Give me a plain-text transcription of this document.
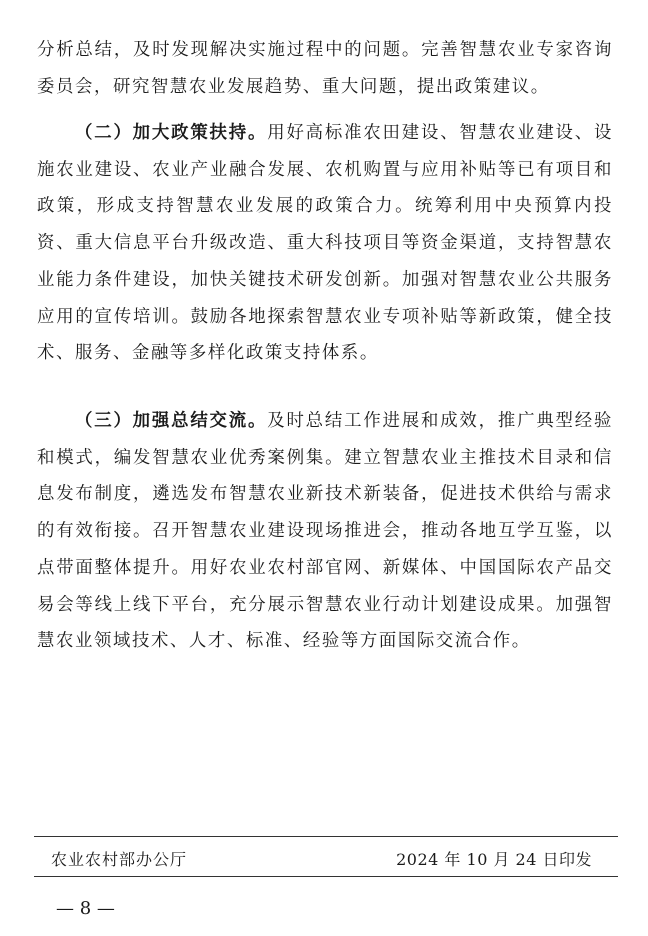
分析总结，及时发现解决实施过程中的问题。完善智慧农业专家咨询委员会，研究智慧农业发展趋势、重大问题，提出政策建议。

（二）加大政策扶持。用好高标准农田建设、智慧农业建设、设施农业建设、农业产业融合发展、农机购置与应用补贴等已有项目和政策，形成支持智慧农业发展的政策合力。统筹利用中央预算内投资、重大信息平台升级改造、重大科技项目等资金渠道，支持智慧农业能力条件建设，加快关键技术研发创新。加强对智慧农业公共服务应用的宣传培训。鼓励各地探索智慧农业专项补贴等新政策，健全技术、服务、金融等多样化政策支持体系。

（三）加强总结交流。及时总结工作进展和成效，推广典型经验和模式，编发智慧农业优秀案例集。建立智慧农业主推技术目录和信息发布制度，遴选发布智慧农业新技术新装备，促进技术供给与需求的有效衔接。召开智慧农业建设现场推进会，推动各地互学互鉴，以点带面整体提升。用好农业农村部官网、新媒体、中国国际农产品交易会等线上线下平台，充分展示智慧农业行动计划建设成果。加强智慧农业领域技术、人才、标准、经验等方面国际交流合作。

农业农村部办公厅	2024 年 10 月 24 日印发
— 8 —
